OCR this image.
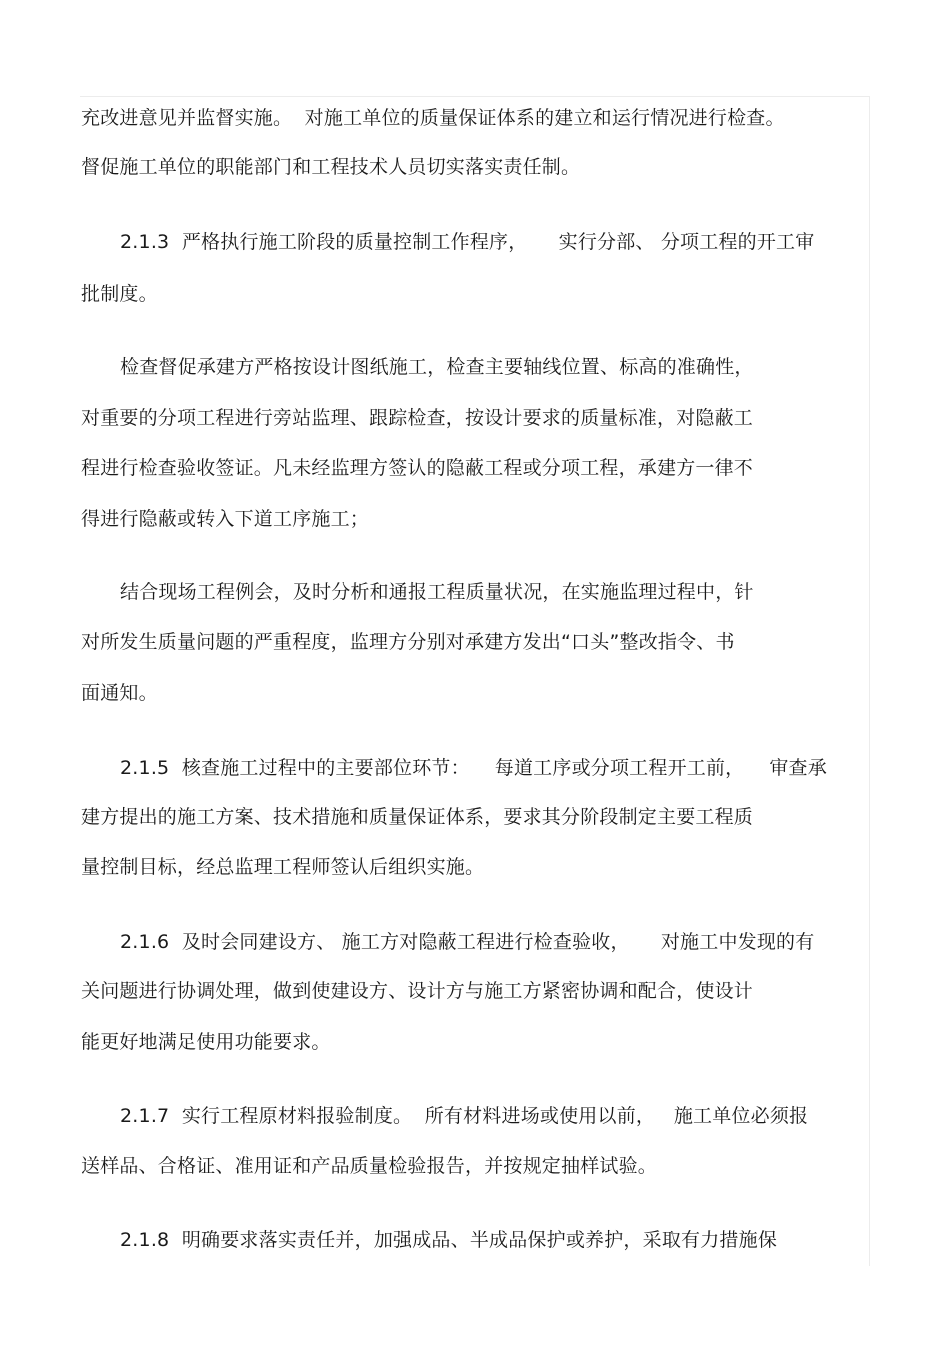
充改进意见并监督实施。  对施工单位的质量保证体系的建立和运行情况进行检查。
督促施工单位的职能部门和工程技术人员切实落实责任制。
2.1.3  严格执行施工阶段的质量控制工作程序，     实行分部、 分项工程的开工审
批制度。
检查督促承建方严格按设计图纸施工，检查主要轴线位置、标高的准确性，
对重要的分项工程进行旁站监理、跟踪检查，按设计要求的质量标准，对隐蔽工
程进行检查验收签证。凡未经监理方签认的隐蔽工程或分项工程，承建方一律不
得进行隐蔽或转入下道工序施工；
结合现场工程例会，及时分析和通报工程质量状况，在实施监理过程中，针
对所发生质量问题的严重程度，监理方分别对承建方发出“口头”整改指令、书
面通知。
2.1.5  核查施工过程中的主要部位环节：    每道工序或分项工程开工前，    审查承
建方提出的施工方案、技术措施和质量保证体系，要求其分阶段制定主要工程质
量控制目标，经总监理工程师签认后组织实施。
2.1.6  及时会同建设方、 施工方对隐蔽工程进行检查验收，     对施工中发现的有
关问题进行协调处理，做到使建设方、设计方与施工方紧密协调和配合，使设计
能更好地满足使用功能要求。
2.1.7  实行工程原材料报验制度。  所有材料进场或使用以前，   施工单位必须报
送样品、合格证、准用证和产品质量检验报告，并按规定抽样试验。
2.1.8  明确要求落实责任并，加强成品、半成品保护或养护，采取有力措施保
